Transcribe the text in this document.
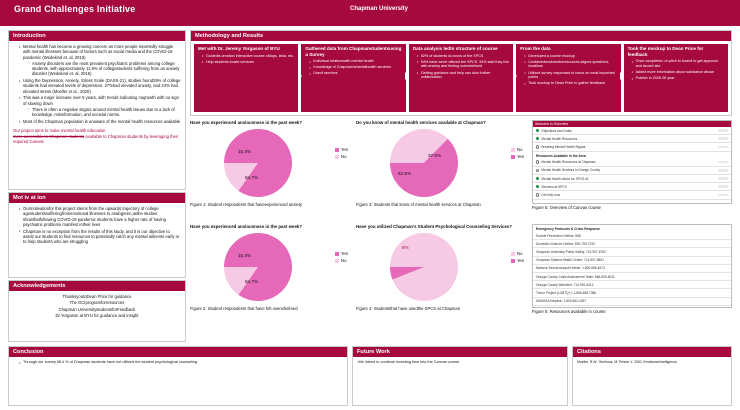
Grand Challenges Initiative	Chapman University
Introduction
• Mental health has become a growing concern as more people reportedly struggle with mental illnesses because of factors such as social media and the COVID-19 pandemic (Wedekind et. al, 2015)
◦ Anxiety disorders are the most prevalent psychiatric problems among college students, with approximately 11.9% of collegestudents suffering from an anxiety disorder (Wedekind et. al, 2015)
• Using the Depression, Anxiety, Stress Scale (DASS-21), studies found29% of college students had elevated levels of depression, 27%had elevated anxiety, and 24% had elevated stress (Moeller et al., 2020)
• This was a major increase over 5 years, with trends indicating nogrowth with no sign of slowing down
◦ There is often a negative stigma around mental health issues due to a lack of knowledge, misinformation, and societal norms.
• Most of the Chapman population is unaware of the mental health resources available
Our project aims to make mental health education
more accessible to Chapman students available to Chapman students by leveraging their required Canvas
Mot iv at ion
• Ourmotivationfor this project stems from the upwards trajectory of college agestudentssufferingfromemotional illnesses to anabgreen,asthe studies showthatfollowing COVID-19 pandemic students have a higher rate of having psychiatric problems manifest intheir lives
• Chapman is no exception from the results of this study, and it is our objective to assist our students to find resources to potentially catch any mental ailments early or to help students who are struggling
Acknowledgements
ThanksyoutoDean Price for guidance
The GCIprogramforresources
Chapman UniversitystudentsforFeedback
Dr.Yorgason at BYU for guidance and insight
Methodology and Results
Met with Dr. Jeremy Yorgason of BYU
• Guidedis creation interactive course oMaps, links, etc.
• Help students locate services
Gathered data from Chapmanstudentsusing a Survey
• Individual relationswith mental health
• Knowledge of Chapman'smentalhealth services
• Useof services
Data analysis ledto structure of course
• 62% of students do know of the SPCS
• 94% have never utilized the SPCS. 94% said they live with anxiety and feeling overwhelmed
• Getting guidance and help can dow further collaboration
From the data
• Developed a course mockup
• Containedmodulesforresources,stigma questions, locations
• Utilized survey responses to focus on most important points
• Took mockup to Dean Price to gather feedback
Took the mockup to Dean Price for feedback
• Once completed, re-pitch to boardi to get approval and launch site
• Added more information about substance abuse
• Publish in 2025-26 year
Have you experienced anxiousness in the past week?
15.3%
84.7%
Yes
No
Figure 1: Student respondents that haveexperienced anxiety
Have you experienced anxiousness in the past week?
15.3%
84.7%
Yes
No
Figure 2: Student respondents that have felt overwhelmed
Do you know of mental health services available at Chapman?
37.5%
62.5%
No
Yes
Figure 3: Students that know of mental health services at Chapman
Have you utilized Chapman's Student Psychological Counseling Services?
6%
No
Yes
Figure 4: Studentsthat have usedthe SPCS at Chapman
Welcome to Overview
Objectives and Goals
Mental Health Resources
Breaking Mental Health Stigma
Resources Available In the Area
Mental Health Resources at Chapman
Mental Health Services in Orange County
Mental health clinics for SPCS #1
Services at SPCS
Get help now
Figure 5: Overview of Canvas course
Emergency Protocols & Crisis Response
Suicide Prevention Hotline: 988
Domestic Violence Hotline: 800-799-7233
Chapman University Public Safety: 714-997-6763
Chapman Student Health Center: 714-997-6851
National Sexual Assault Hotline: 1-800-656-4673
Orange County Crisis Assessment Team: 866-830-6011
Orange County Warmline: 714-991-6412
Trevor Project (LGBTQ+): 1-866-488-7386
SAMHSA Helpline: 1-800-662-4357
Figure 6: Resources available in course
Conclusion
• Through our survey,98.4 % of Chapman students have not utilized the student psychological counseling
Future Work
-We intend to continue investing time into the Canvas course
Citations
Moeller, R.W., Seehuus, M, Peisch V. 2020. Emotional Intelligence,
